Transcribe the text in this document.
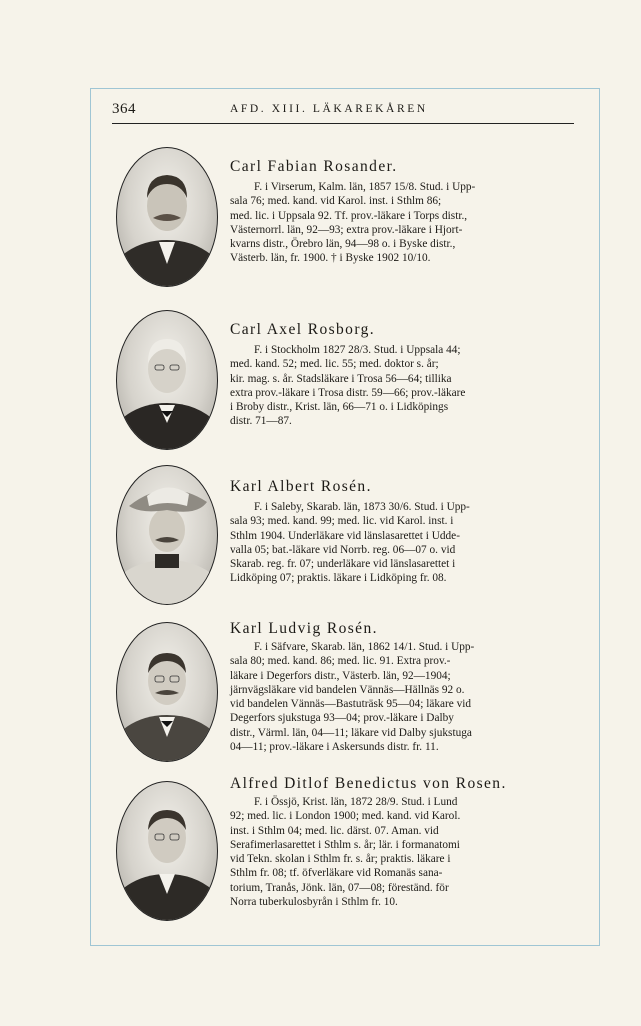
364	AFD. XIII. LÄKAREKÅREN
Carl Fabian Rosander.

F. i Virserum, Kalm. län, 1857 15/8. Stud. i Upp-

sala 76; med. kand. vid Karol. inst. i Sthlm 86;

med. lic. i Uppsala 92. Tf. prov.-läkare i Torps distr.,

Västernorrl. län, 92—93; extra prov.-läkare i Hjort-

kvarns distr., Örebro län, 94—98 o. i Byske distr.,

Västerb. län, fr. 1900. † i Byske 1902 10/10.

Carl Axel Rosborg.

F. i Stockholm 1827 28/3. Stud. i Uppsala 44;

med. kand. 52; med. lic. 55; med. doktor s. år;

kir. mag. s. år. Stadsläkare i Trosa 56—64; tillika

extra prov.-läkare i Trosa distr. 59—66; prov.-läkare

i Broby distr., Krist. län, 66—71 o. i Lidköpings

distr. 71—87.

Karl Albert Rosén.

F. i Saleby, Skarab. län, 1873 30/6. Stud. i Upp-

sala 93; med. kand. 99; med. lic. vid Karol. inst. i

Sthlm 1904. Underläkare vid länslasarettet i Udde-

valla 05; bat.-läkare vid Norrb. reg. 06—07 o. vid

Skarab. reg. fr. 07; underläkare vid länslasarettet i

Lidköping 07; praktis. läkare i Lidköping fr. 08.

Karl Ludvig Rosén.

F. i Säfvare, Skarab. län, 1862 14/1. Stud. i Upp-

sala 80; med. kand. 86; med. lic. 91. Extra prov.-

läkare i Degerfors distr., Västerb. län, 92—1904;

järnvägsläkare vid bandelen Vännäs—Hällnäs 92 o.

vid bandelen Vännäs—Bastuträsk 95—04; läkare vid

Degerfors sjukstuga 93—04; prov.-läkare i Dalby

distr., Värml. län, 04—11; läkare vid Dalby sjukstuga

04—11; prov.-läkare i Askersunds distr. fr. 11.

Alfred Ditlof Benedictus von Rosen.

F. i Össjö, Krist. län, 1872 28/9. Stud. i Lund

92; med. lic. i London 1900; med. kand. vid Karol.

inst. i Sthlm 04; med. lic. därst. 07. Aman. vid

Serafimerlasarettet i Sthlm s. år; lär. i formanatomi

vid Tekn. skolan i Sthlm fr. s. år; praktis. läkare i

Sthlm fr. 08; tf. öfverläkare vid Romanäs sana-

torium, Tranås, Jönk. län, 07—08; föreständ. för

Norra tuberkulosbyrån i Sthlm fr. 10.
